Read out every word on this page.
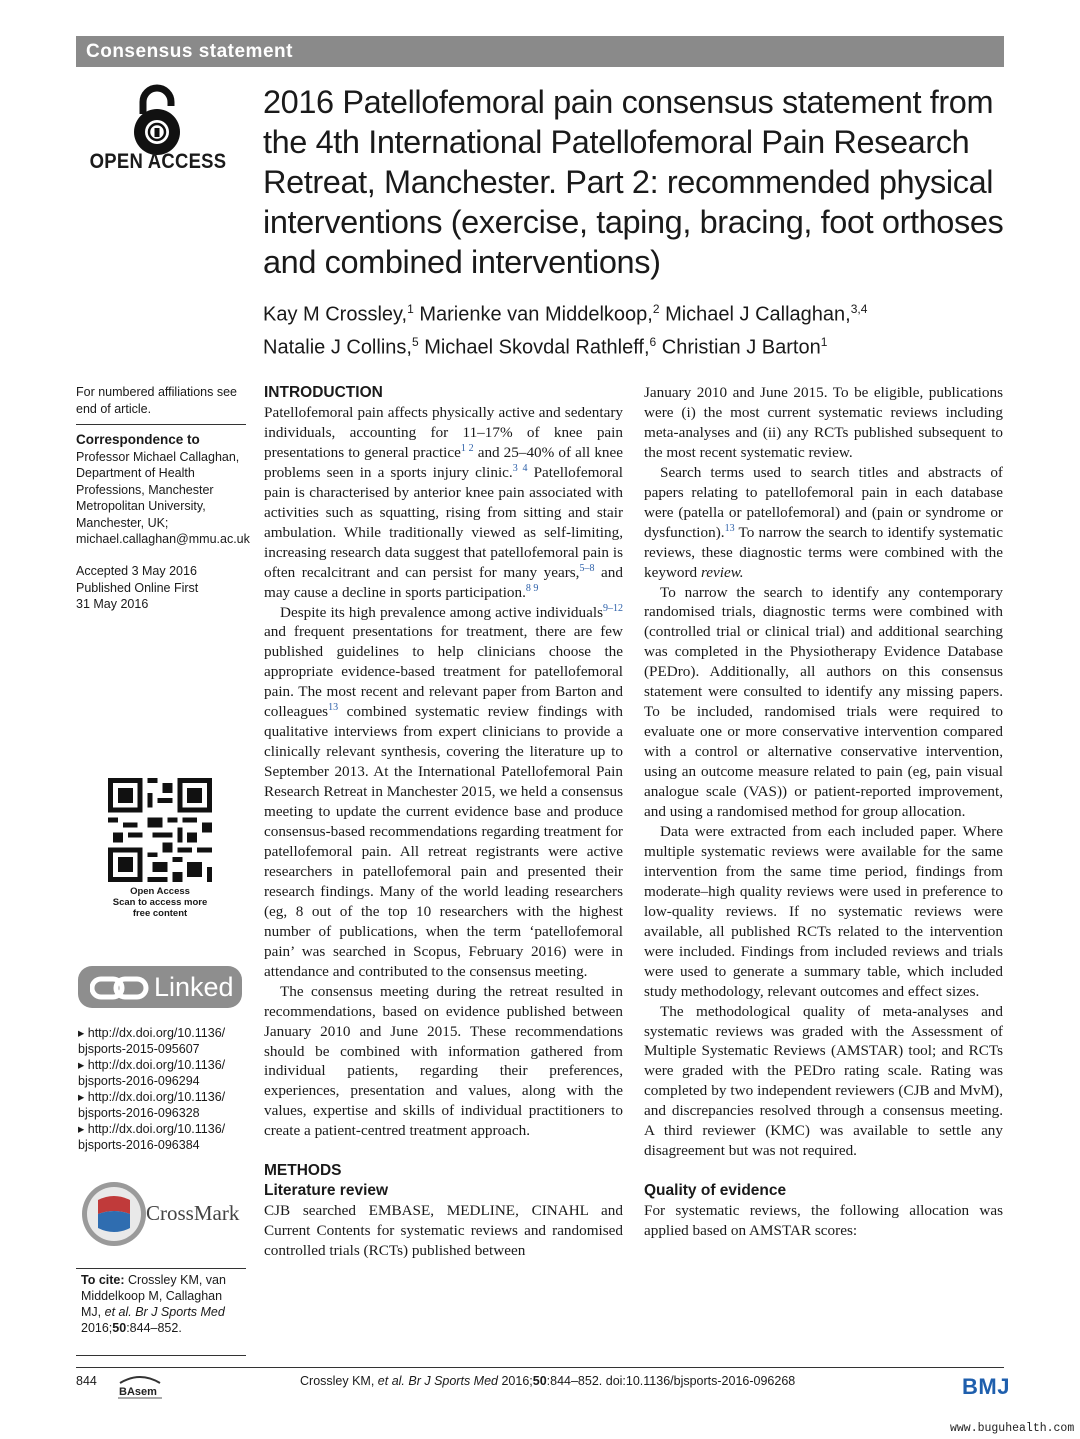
Consensus statement
OPEN ACCESS
2016 Patellofemoral pain consensus statement from the 4th International Patellofemoral Pain Research Retreat, Manchester. Part 2: recommended physical interventions (exercise, taping, bracing, foot orthoses and combined interventions)

Kay M Crossley,$^1$ Marienke van Middelkoop,$^2$ Michael J Callaghan,$^{3,4}$
Natalie J Collins,$^5$ Michael Skovdal Rathleff,$^6$ Christian J Barton$^1$

For numbered affiliations see end of article.

Correspondence to

Professor Michael Callaghan,

Department of Health

Professions, Manchester

Metropolitan University,

Manchester, UK;

michael.callaghan@mmu.ac.uk

Accepted 3 May 2016

Published Online First

31 May 2016

Open Access
Scan to access more
free content
Linked
▸ http://dx.doi.org/10.1136/
bjsports-2015-095607
▸ http://dx.doi.org/10.1136/
bjsports-2016-096294
▸ http://dx.doi.org/10.1136/
bjsports-2016-096328
▸ http://dx.doi.org/10.1136/
bjsports-2016-096384
CrossMark
To cite: Crossley KM, van Middelkoop M, Callaghan MJ, et al. Br J Sports Med 2016;50:844–852.
INTRODUCTION

Patellofemoral pain affects physically active and sedentary individuals, accounting for 11–17% of knee pain presentations to general practice$^{1 2}$ and 25–40% of all knee problems seen in a sports injury clinic.$^{3 4}$ Patellofemoral pain is characterised by anterior knee pain associated with activities such as squatting, rising from sitting and stair ambulation. While traditionally viewed as self-limiting, increasing research data suggest that patellofemoral pain is often recalcitrant and can persist for many years,$^{5-8}$ and may cause a decline in sports participation.$^{8 9}$

Despite its high prevalence among active individuals$^{9-12}$ and frequent presentations for treatment, there are few published guidelines to help clinicians choose the appropriate evidence-based treatment for patellofemoral pain. The most recent and relevant paper from Barton and colleagues$^{13}$ combined systematic review findings with qualitative interviews from expert clinicians to provide a clinically relevant synthesis, covering the literature up to September 2013. At the International Patellofemoral Pain Research Retreat in Manchester 2015, we held a consensus meeting to update the current evidence base and produce consensus-based recommendations regarding treatment for patellofemoral pain. All retreat registrants were active researchers in patellofemoral pain and presented their research findings. Many of the world leading researchers (eg, 8 out of the top 10 researchers with the highest number of publications, when the term ‘patellofemoral pain’ was searched in Scopus, February 2016) were in attendance and contributed to the consensus meeting.

The consensus meeting during the retreat resulted in recommendations, based on evidence published between January 2010 and June 2015. These recommendations should be combined with information gathered from individual patients, regarding their preferences, experiences, presentation and values, along with the values, expertise and skills of individual practitioners to create a patient-centred treatment approach.

METHODS
Literature review

CJB searched EMBASE, MEDLINE, CINAHL and Current Contents for systematic reviews and randomised controlled trials (RCTs) published between

January 2010 and June 2015. To be eligible, publications were (i) the most current systematic reviews including meta-analyses and (ii) any RCTs published subsequent to the most recent systematic review.

Search terms used to search titles and abstracts of papers relating to patellofemoral pain in each database were (patella or patellofemoral) and (pain or syndrome or dysfunction).$^{13}$ To narrow the search to identify systematic reviews, these diagnostic terms were combined with the keyword review.

To narrow the search to identify any contemporary randomised trials, diagnostic terms were combined with (controlled trial or clinical trial) and additional searching was completed in the Physiotherapy Evidence Database (PEDro). Additionally, all authors on this consensus statement were consulted to identify any missing papers. To be included, randomised trials were required to evaluate one or more conservative intervention compared with a control or alternative conservative intervention, using an outcome measure related to pain (eg, pain visual analogue scale (VAS)) or patient-reported improvement, and using a randomised method for group allocation.

Data were extracted from each included paper. Where multiple systematic reviews were available for the same intervention from the same time period, findings from moderate–high quality reviews were used in preference to low-quality reviews. If no systematic reviews were available, all published RCTs related to the intervention were included. Findings from included reviews and trials were used to generate a summary table, which included study methodology, relevant outcomes and effect sizes.

The methodological quality of meta-analyses and systematic reviews was graded with the Assessment of Multiple Systematic Reviews (AMSTAR) tool; and RCTs were graded with the PEDro rating scale. Rating was completed by two independent reviewers (CJB and MvM), and discrepancies resolved through a consensus meeting. A third reviewer (KMC) was available to settle any disagreement but was not required.

Quality of evidence

For systematic reviews, the following allocation was applied based on AMSTAR scores:

844
BAsem
Crossley KM, et al. Br J Sports Med 2016;50:844–852. doi:10.1136/bjsports-2016-096268	BMJ
www.buguhealth.com
